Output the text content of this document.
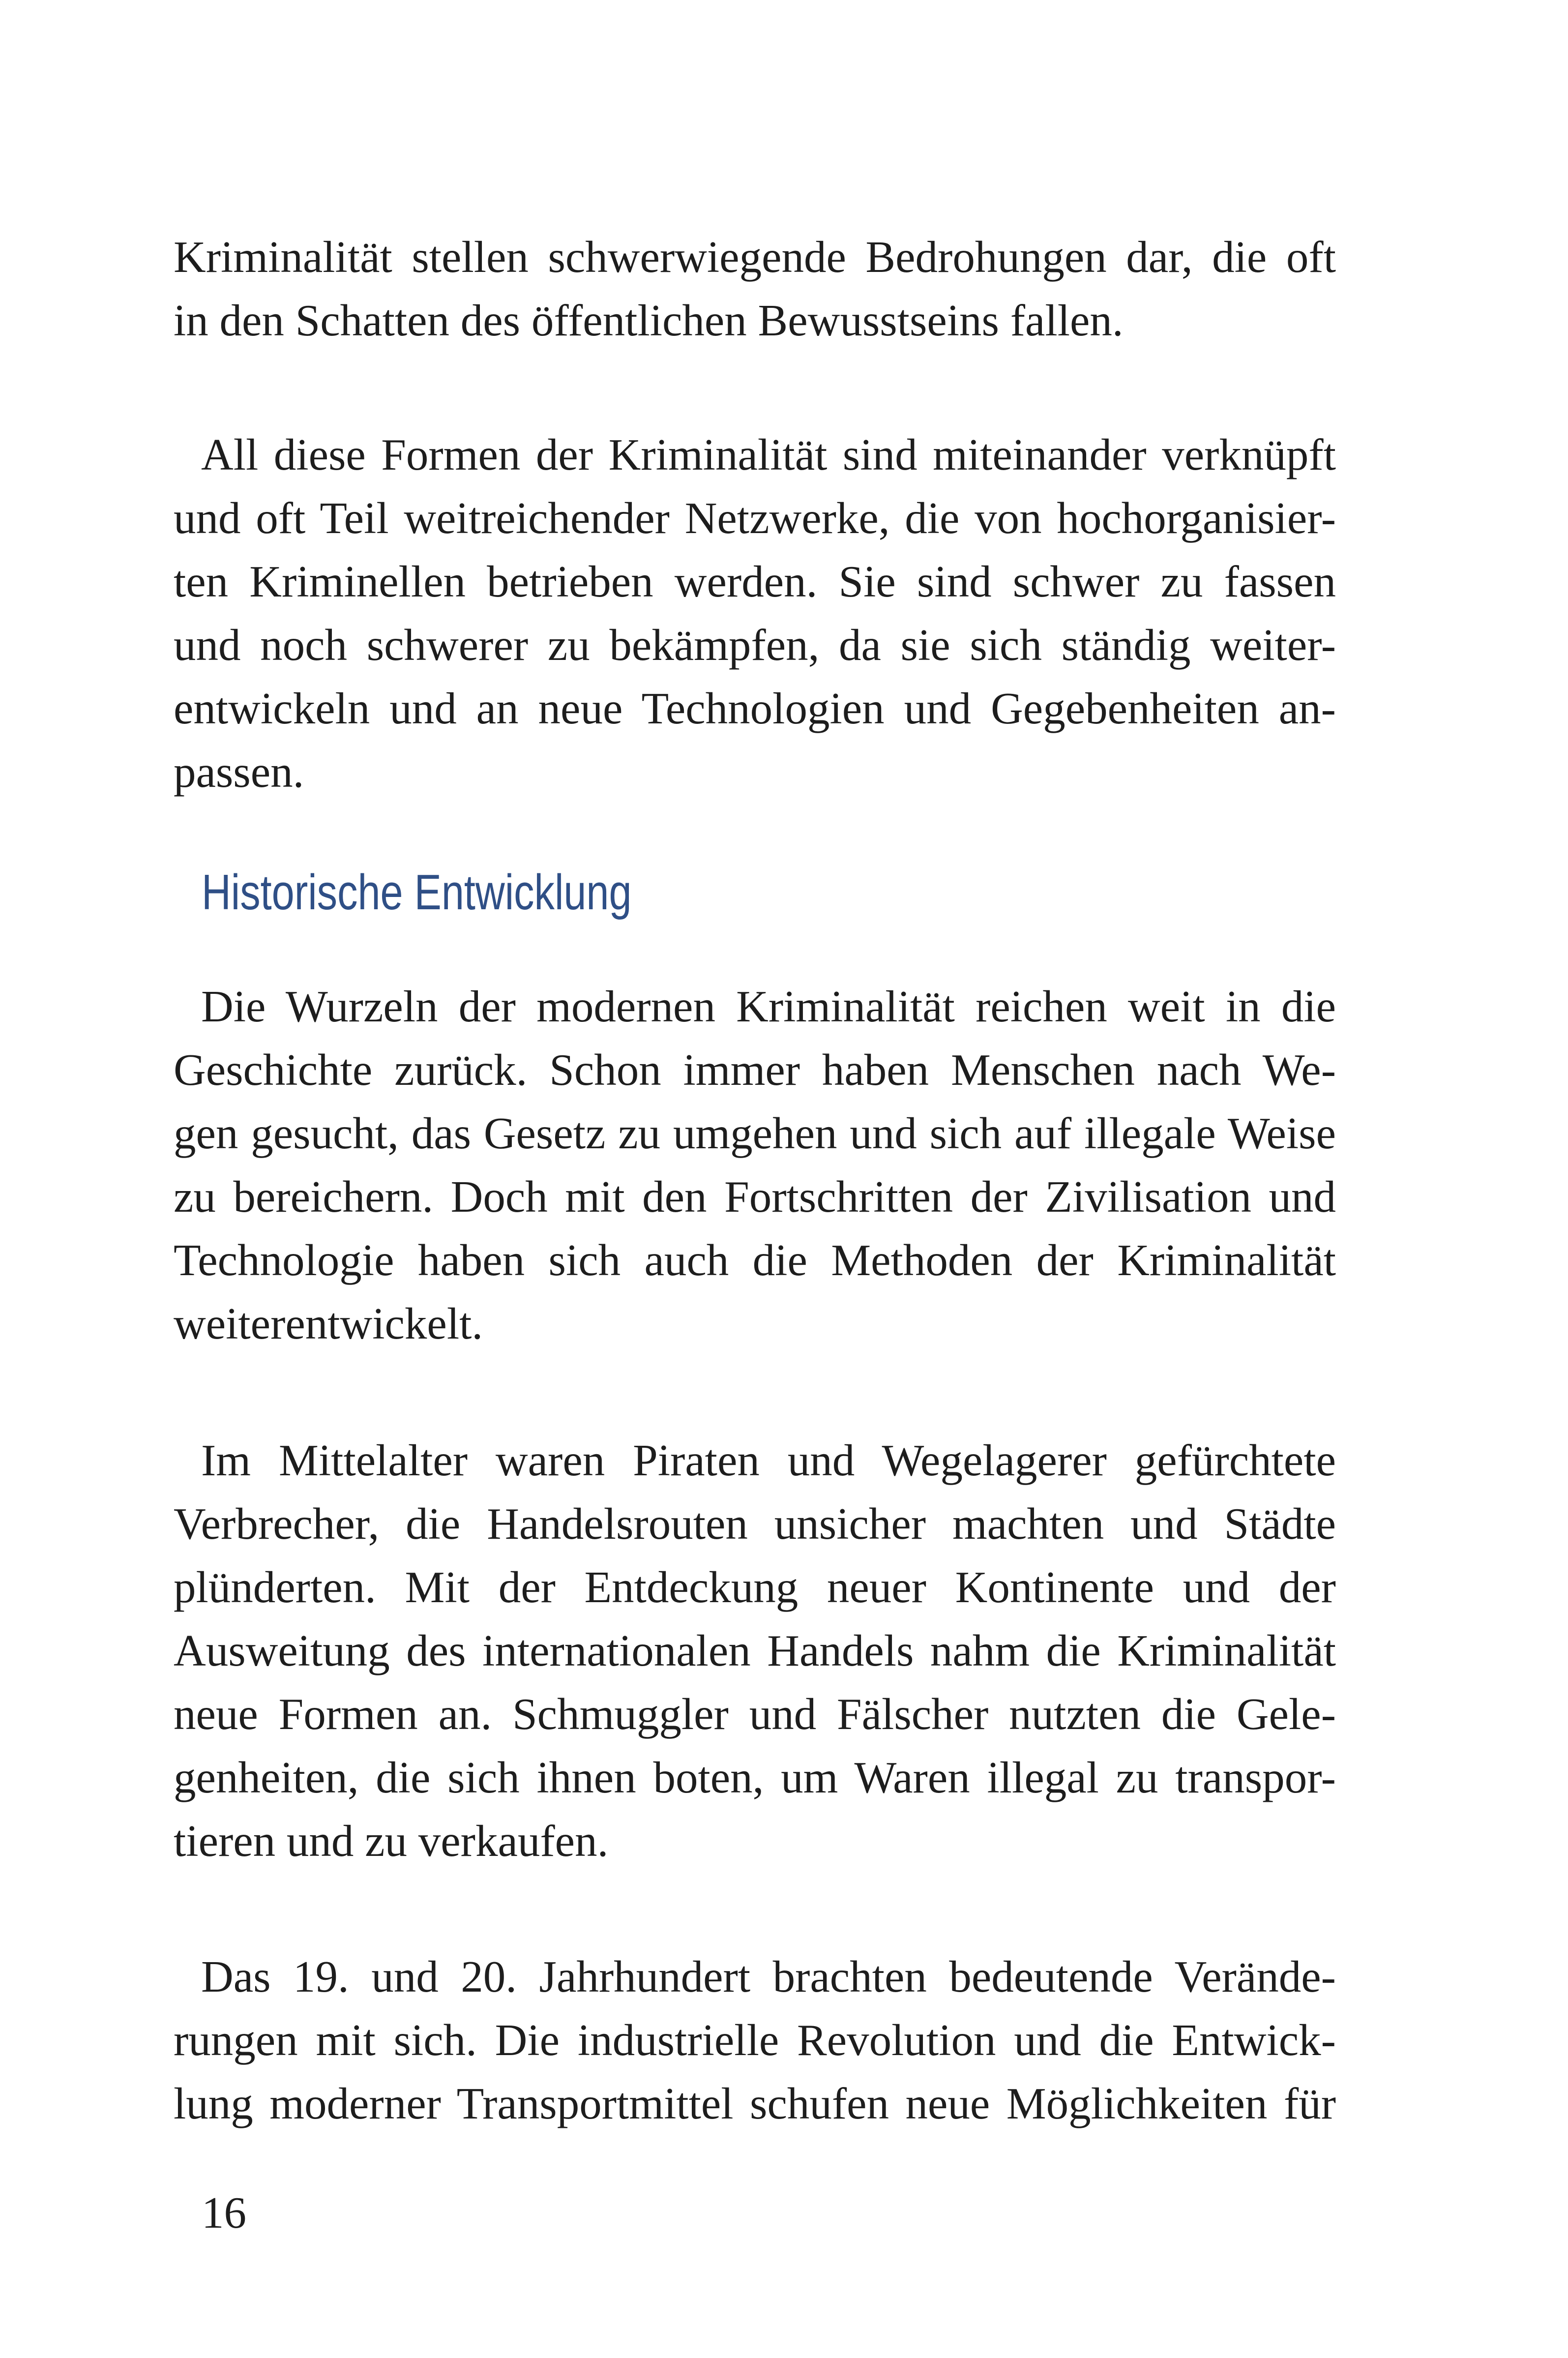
Kriminalität stellen schwerwiegende Bedrohungen dar, die oft
in den Schatten des öffentlichen Bewusstseins fallen.
All diese Formen der Kriminalität sind miteinander verknüpft
und oft Teil weitreichender Netzwerke, die von hochorganisier-
ten Kriminellen betrieben werden. Sie sind schwer zu fassen
und noch schwerer zu bekämpfen, da sie sich ständig weiter-
entwickeln und an neue Technologien und Gegebenheiten an-
passen.
Historische Entwicklung
Die Wurzeln der modernen Kriminalität reichen weit in die
Geschichte zurück. Schon immer haben Menschen nach We-
gen gesucht, das Gesetz zu umgehen und sich auf illegale Weise
zu bereichern. Doch mit den Fortschritten der Zivilisation und
Technologie haben sich auch die Methoden der Kriminalität
weiterentwickelt.
Im Mittelalter waren Piraten und Wegelagerer gefürchtete
Verbrecher, die Handelsrouten unsicher machten und Städte
plünderten. Mit der Entdeckung neuer Kontinente und der
Ausweitung des internationalen Handels nahm die Kriminalität
neue Formen an. Schmuggler und Fälscher nutzten die Gele-
genheiten, die sich ihnen boten, um Waren illegal zu transpor-
tieren und zu verkaufen.
Das 19. und 20. Jahrhundert brachten bedeutende Verände-
rungen mit sich. Die industrielle Revolution und die Entwick-
lung moderner Transportmittel schufen neue Möglichkeiten für
16
